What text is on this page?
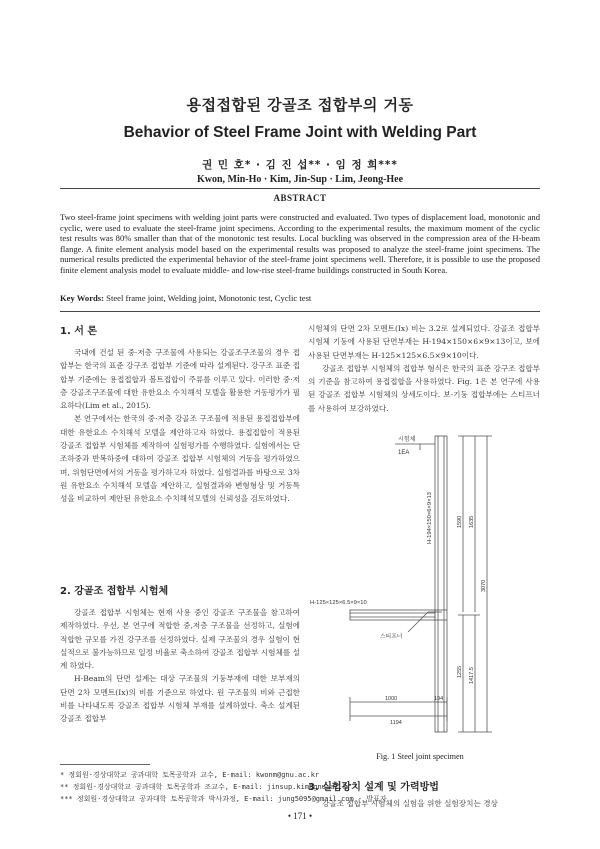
용접접합된 강골조 접합부의 거동
Behavior of Steel Frame Joint with Welding Part
권 민 호* · 김 진 섭** · 임 정 희***
Kwon, Min-Ho · Kim, Jin-Sup · Lim, Jeong-Hee
ABSTRACT
Two steel-frame joint specimens with welding joint parts were constructed and evaluated. Two types of displacement load, monotonic and cyclic, were used to evaluate the steel-frame joint specimens. According to the experimental results, the maximum moment of the cyclic test results was 80% smaller than that of the monotonic test results. Local buckling was observed in the compression area of the H-beam flange. A finite element analysis model based on the experimental results was proposed to analyze the steel-frame joint specimens. The numerical results predicted the experimental behavior of the steel-frame joint specimens well. Therefore, it is possible to use the proposed finite element analysis model to evaluate middle- and low-rise steel-frame buildings constructed in South Korea.
Key Words: Steel frame joint, Welding joint, Monotonic test, Cyclic test
1. 서 론

국내에 건설 된 중·저층 구조물에 사용되는 강골조구조물의 경우 접합부는 한국의 표준 강구조 접합부 기준에 따라 설계된다. 강구조 표준 접합부 기준에는 용접접합과 볼트접합이 주류를 이루고 있다. 이러한 중·저층 강골조구조물에 대한 유한요소 수치해석 모델을 활용한 거동평가가 필요하다(Lim et al., 2015).

본 연구에서는 한국의 중·저층 강골조 구조물에 적용된 용접접합부에 대한 유한요소 수치해석 모델을 제안하고자 하였다. 용접접합이 적용된 강골조 접합부 시험체를 제작하여 실험평가를 수행하였다. 실험에서는 단조하중과 반복하중에 대하여 강골조 접합부 시험체의 거동을 평가하였으며, 위험단면에서의 거동을 평가하고자 하였다. 실험결과를 바탕으로 3차원 유한요소 수치해석 모델을 제안하고, 실험결과와 변형형상 및 거동특성을 비교하여 제안된 유한요소 수치해석모델의 신뢰성을 검토하였다.

2. 강골조 접합부 시험체

강골조 접합부 시험체는 현재 사용 중인 강골조 구조물을 참고하여 제작하였다. 우선, 본 연구에 적합한 중,저층 구조물을 선정하고, 실험에 적합한 규모를 가진 강구조를 선정하였다. 실제 구조물의 경우 실험이 현실적으로 불가능하므로 일정 비율로 축소하여 강골조 접합부 시험체를 설계 하였다.

H-Beam의 단면 설계는 대상 구조물의 기둥부재에 대한 보부재의 단면 2차 모멘트(Ix)의 비를 기준으로 하였다. 원 구조물의 비와 근접한 비를 나타내도록 강골조 접합부 시험체 부재를 설계하였다. 축소 설계된 강골조 접합부

시험체의 단면 2차 모멘트(Ix) 비는 3.2로 설계되었다. 강골조 접합부 시험체 기둥에 사용된 단면부재는 H-194×150×6×9×13이고, 보에 사용된 단면부재는 H-125×125×6.5×9×10이다.

강골조 접합부 시험체의 접합부 형식은 한국의 표준 강구조 접합부의 기준을 참고하여 용접접합을 사용하였다. Fig. 1은 본 연구에 사용된 강골조 접합부 시험체의 상세도이다. 보-기둥 접합부에는 스티프너를 사용하여 보강하였다.

시험체
1EA
H-125×125×6.5×9×10
스티프너
H-194×150×6×9×13	1590 1635
3070
1255 1417.5
1000	194
1194
Fig. 1 Steel joint specimen
3. 실험장치 설계 및 가력방법

강골조 접합부 시험체의 실험을 위한 실험장치는 경상

* 정회원·경상대학교 공과대학 토목공학과 교수, E-mail: kwonm@gnu.ac.kr
** 정회원·경상대학교 공과대학 토목공학과 조교수, E-mail: jinsup.kim@gnu.ac.kr
*** 정회원·경상대학교 공과대학 토목공학과 박사과정, E-mail: jung5095@gmail.com - 발표자
• 171 •
